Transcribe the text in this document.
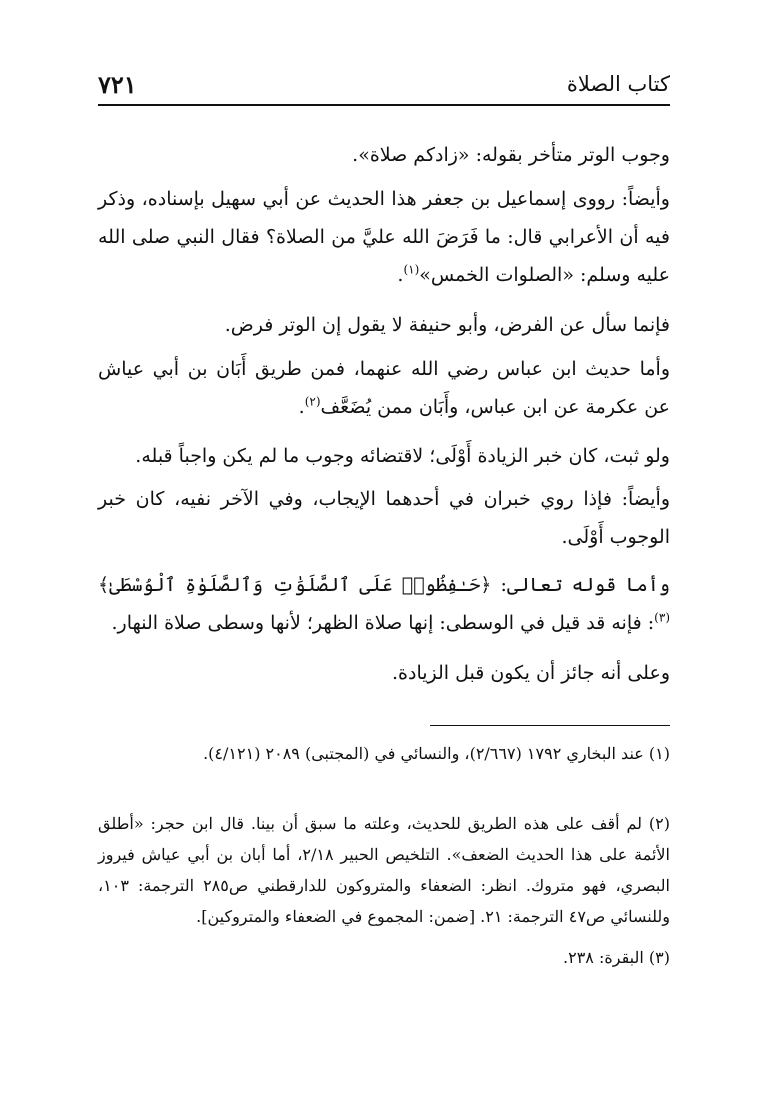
كتاب الصلاة
٧٢١

وجوب الوتر متأخر بقوله: «زادكم صلاة».

وأيضاً: رووى إسماعيل بن جعفر هذا الحديث عن أبي سهيل بإسناده، وذكر فيه أن الأعرابي قال: ما فَرَضَ الله عليَّ من الصلاة؟ فقال النبي صلى الله عليه وسلم: «الصلوات الخمس»$^{(١)}$.

فإنما سأل عن الفرض، وأبو حنيفة لا يقول إن الوتر فرض.

وأما حديث ابن عباس رضي الله عنهما، فمن طريق أَبَان بن أبي عياش عن عكرمة عن ابن عباس، وأَبَان ممن يُضَعَّف$^{(٢)}$.

ولو ثبت، كان خبر الزيادة أَوْلَى؛ لاقتضائه وجوب ما لم يكن واجباً قبله.

وأيضاً: فإذا روي خبران في أحدهما الإيجاب، وفي الآخر نفيه، كان خبر الوجوب أَوْلَى.

وأما قوله تعالى: ﴿حَـٰفِظُوا۟ عَلَى ٱلصَّلَوَٰتِ وَٱلصَّلَوٰةِ ٱلْوُسْطَىٰ﴾$^{(٣)}$: فإنه قد قيل في الوسطى: إنها صلاة الظهر؛ لأنها وسطى صلاة النهار.

وعلى أنه جائز أن يكون قبل الزيادة.

(١) عند البخاري ١٧٩٢ (٢/٦٦٧)، والنسائي في (المجتبى) ٢٠٨٩ (٤/١٢١).

(٢) لم أقف على هذه الطريق للحديث، وعلته ما سبق أن بينا. قال ابن حجر: «أطلق الأئمة على هذا الحديث الضعف». التلخيص الحبير ٢/١٨، أما أبان بن أبي عياش فيروز البصري، فهو متروك. انظر: الضعفاء والمتروكون للدارقطني ص٢٨٥ الترجمة: ١٠٣، وللنسائي ص٤٧ الترجمة: ٢١. [ضمن: المجموع في الضعفاء والمتروكين].

(٣) البقرة: ٢٣٨.
